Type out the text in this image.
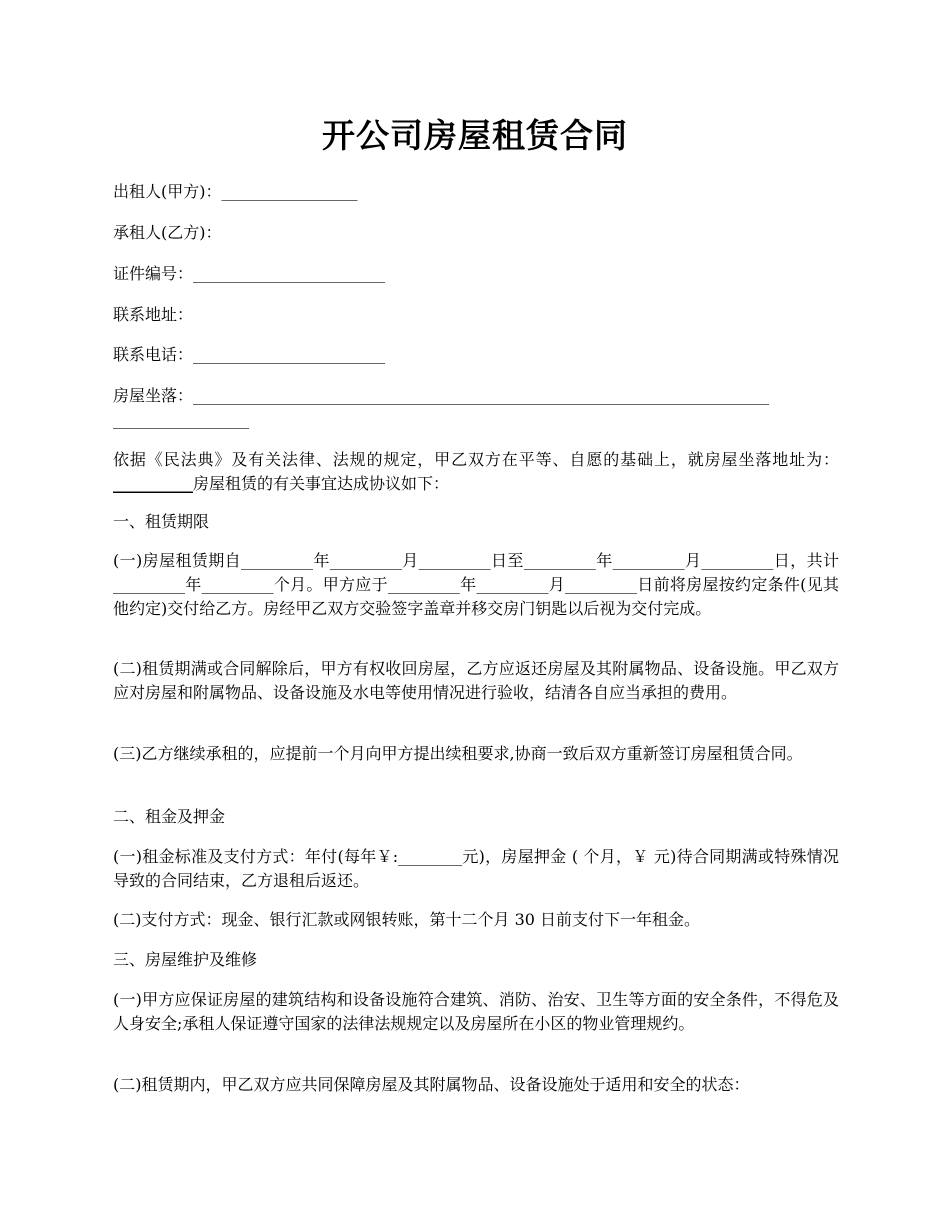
开公司房屋租赁合同
出租人(甲方)：_________________
承租人(乙方)：
证件编号：________________________
联系地址：
联系电话：________________________
房屋坐落：________________________________________________________________________
_________________

依据《民法典》及有关法律、法规的规定，甲乙双方在平等、自愿的基础上，就房屋坐落地址为：__________房屋租赁的有关事宜达成协议如下：

一、租赁期限

(一)房屋租赁期自_________年_________月_________日至_________年_________月_________日，共计_________年_________个月。甲方应于_________年_________月_________日前将房屋按约定条件(见其他约定)交付给乙方。房经甲乙双方交验签字盖章并移交房门钥匙以后视为交付完成。

(二)租赁期满或合同解除后，甲方有权收回房屋，乙方应返还房屋及其附属物品、设备设施。甲乙双方应对房屋和附属物品、设备设施及水电等使用情况进行验收，结清各自应当承担的费用。

(三)乙方继续承租的，应提前一个月向甲方提出续租要求,协商一致后双方重新签订房屋租赁合同。

二、租金及押金

(一)租金标准及支付方式：年付(每年￥:________元)，房屋押金 ( 个月，￥ 元)待合同期满或特殊情况导致的合同结束，乙方退租后返还。

(二)支付方式：现金、银行汇款或网银转账，第十二个月 30 日前支付下一年租金。

三、房屋维护及维修

(一)甲方应保证房屋的建筑结构和设备设施符合建筑、消防、治安、卫生等方面的安全条件，不得危及人身安全;承租人保证遵守国家的法律法规规定以及房屋所在小区的物业管理规约。

(二)租赁期内，甲乙双方应共同保障房屋及其附属物品、设备设施处于适用和安全的状态：
